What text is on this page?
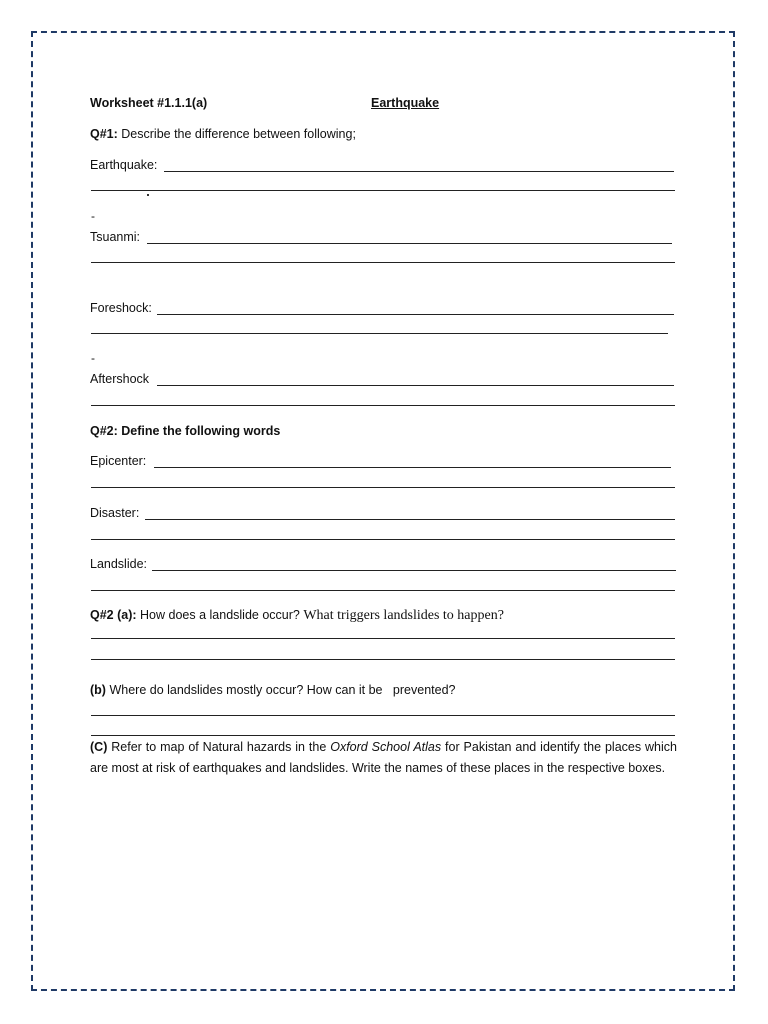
Worksheet #1.1.1(a)	Earthquake
Q#1: Describe the difference between following;
Earthquake:
-
Tsuanmi:
Foreshock:
-
Aftershock
Q#2: Define the following words
Epicenter:
Disaster:
Landslide:
Q#2 (a): How does a landslide occur? What triggers landslides to happen?
(b) Where do landslides mostly occur? How can it be   prevented?
(C) Refer to map of Natural hazards in the Oxford School Atlas for Pakistan and identify the places which are most at risk of earthquakes and landslides. Write the names of these places in the respective boxes.
